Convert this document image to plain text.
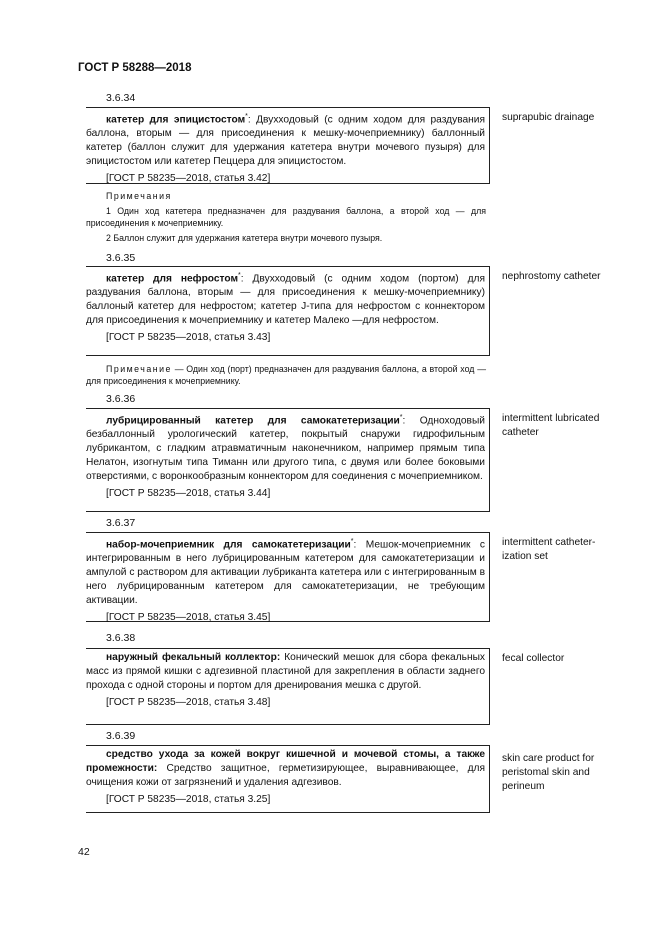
ГОСТ Р 58288—2018
3.6.34

катетер для эпицистостом*: Двухходовый (с одним ходом для раздувания баллона, вторым — для присоединения к мешку-мочеприемнику) баллонный катетер (баллон служит для удержания катетера внутри мочевого пузыря) для эпицистостом или катетер Пеццера для эпицистостом.

[ГОСТ Р 58235—2018, статья 3.42]

suprapubic drainage

Примечания

1 Один ход катетера предназначен для раздувания баллона, а второй ход — для присоединения к мочеприемнику.

2 Баллон служит для удержания катетера внутри мочевого пузыря.

3.6.35

катетер для нефростом*: Двухходовый (с одним ходом (портом) для раздувания баллона, вторым — для присоединения к мешку-мочеприемнику) баллоный катетер для нефростом; катетер J-типа для нефростом с коннектором для присоединения к мочеприемнику и катетер Малеко —для нефростом.

[ГОСТ Р 58235—2018, статья 3.43]

nephrostomy catheter

Примечание — Один ход (порт) предназначен для раздувания баллона, а второй ход — для присоединения к мочеприемнику.

3.6.36

лубрицированный катетер для самокатетеризации*: Одноходовый безбаллонный урологический катетер, покрытый снаружи гидрофильным лубрикантом, с гладким атравматичным наконечником, например прямым типа Нелатон, изогнутым типа Тиманн или другого типа, с двумя или более боковыми отверстиями, с воронкообразным коннектором для соединения с мочеприемником.

[ГОСТ Р 58235—2018, статья 3.44]

intermittent lubricated catheter
3.6.37

набор-мочеприемник для самокатетеризации*: Мешок-мочеприемник с интегрированным в него лубрицированным катетером для самокатетеризации и ампулой с раствором для активации лубриканта катетера или с интегрированным в него лубрицированным катетером для самокатетеризации, не требующим активации.

[ГОСТ Р 58235—2018, статья 3.45]

intermittent catheter-ization set
3.6.38

наружный фекальный коллектор: Конический мешок для сбора фекальных масс из прямой кишки с адгезивной пластиной для закрепления в области заднего прохода с одной стороны и портом для дренирования мешка с другой.

[ГОСТ Р 58235—2018, статья 3.48]

fecal collector
3.6.39

средство ухода за кожей вокруг кишечной и мочевой стомы, а также промежности: Средство защитное, герметизирующее, выравнивающее, для очищения кожи от загрязнений и удаления адгезивов.

[ГОСТ Р 58235—2018, статья 3.25]

skin care product for peristomal skin and perineum
42
